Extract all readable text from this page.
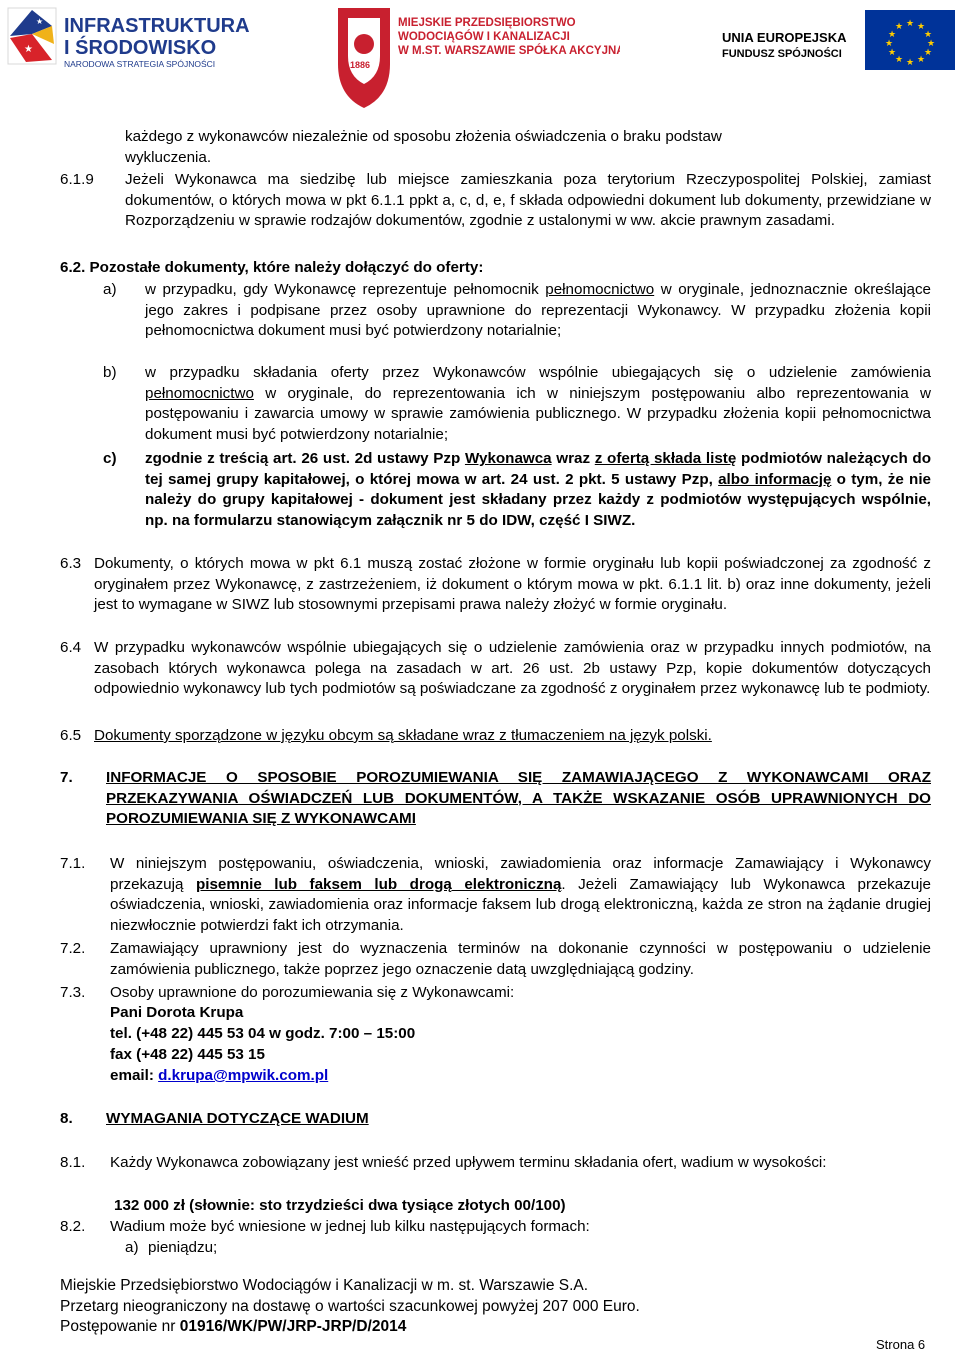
★
★ INFRASTRUKTURA
I ŚRODOWISKO
NARODOWA STRATEGIA SPÓJNOŚCI	1886
MIEJSKIE PRZEDSIĘBIORSTWO
WODOCIĄGÓW I KANALIZACJI
W M.ST. WARSZAWIE SPÓŁKA AKCYJNA
UNIA EUROPEJSKA
FUNDUSZ SPÓJNOŚCI
★ ★
★
★
★
★
★
★
★
★
★
★
każdego z wykonawców niezależnie od sposobu złożenia oświadczenia o braku podstaw
wykluczenia.
6.1.9 Jeżeli Wykonawca ma siedzibę lub miejsce zamieszkania poza terytorium Rzeczypospolitej Polskiej, zamiast dokumentów, o których mowa w pkt 6.1.1 ppkt a, c, d, e, f składa odpowiedni dokument lub dokumenty, przewidziane w Rozporządzeniu w sprawie rodzajów dokumentów, zgodnie z ustalonymi w ww. akcie prawnym zasadami.
6.2. Pozostałe dokumenty, które należy dołączyć do oferty:
a) w przypadku, gdy Wykonawcę reprezentuje pełnomocnik pełnomocnictwo w oryginale, jednoznacznie określające jego zakres i podpisane przez osoby uprawnione do reprezentacji Wykonawcy. W przypadku złożenia kopii pełnomocnictwa dokument musi być potwierdzony notarialnie;
b) w przypadku składania oferty przez Wykonawców wspólnie ubiegających się o udzielenie zamówienia pełnomocnictwo w oryginale, do reprezentowania ich w niniejszym postępowaniu albo reprezentowania w postępowaniu i zawarcia umowy w sprawie zamówienia publicznego. W przypadku złożenia kopii pełnomocnictwa dokument musi być potwierdzony notarialnie;
c) zgodnie z treścią art. 26 ust. 2d ustawy Pzp Wykonawca wraz z ofertą składa listę podmiotów należących do tej samej grupy kapitałowej, o której mowa w art. 24 ust. 2 pkt. 5 ustawy Pzp, albo informację o tym, że nie należy do grupy kapitałowej - dokument jest składany przez każdy z podmiotów występujących wspólnie, np. na formularzu stanowiącym załącznik nr 5 do IDW, część I SIWZ.
6.3 Dokumenty, o których mowa w pkt 6.1 muszą zostać złożone w formie oryginału lub kopii poświadczonej za zgodność z oryginałem przez Wykonawcę, z zastrzeżeniem, iż dokument o którym mowa w pkt. 6.1.1 lit. b) oraz inne dokumenty, jeżeli jest to wymagane w SIWZ lub stosownymi przepisami prawa należy złożyć w formie oryginału.
6.4 W przypadku wykonawców wspólnie ubiegających się o udzielenie zamówienia oraz w przypadku innych podmiotów, na zasobach których wykonawca polega na zasadach w art. 26 ust. 2b ustawy Pzp, kopie dokumentów dotyczących odpowiednio wykonawcy lub tych podmiotów są poświadczane za zgodność z oryginałem przez wykonawcę lub te podmioty.
6.5 Dokumenty sporządzone w języku obcym są składane wraz z tłumaczeniem na język polski.
7. INFORMACJE O SPOSOBIE POROZUMIEWANIA SIĘ ZAMAWIAJĄCEGO Z WYKONAWCAMI ORAZ PRZEKAZYWANIA OŚWIADCZEŃ LUB DOKUMENTÓW, A TAKŻE WSKAZANIE OSÓB UPRAWNIONYCH DO POROZUMIEWANIA SIĘ Z WYKONAWCAMI
7.1. W niniejszym postępowaniu, oświadczenia, wnioski, zawiadomienia oraz informacje Zamawiający i Wykonawcy przekazują pisemnie lub faksem lub drogą elektroniczną. Jeżeli Zamawiający lub Wykonawca przekazuje oświadczenia, wnioski, zawiadomienia oraz informacje faksem lub drogą elektroniczną, każda ze stron na żądanie drugiej niezwłocznie potwierdzi fakt ich otrzymania.
7.2. Zamawiający uprawniony jest do wyznaczenia terminów na dokonanie czynności w postępowaniu o udzielenie zamówienia publicznego, także poprzez jego oznaczenie datą uwzględniającą godziny.
7.3. Osoby uprawnione do porozumiewania się z Wykonawcami:
Pani Dorota Krupa
tel. (+48 22) 445 53 04 w godz. 7:00 – 15:00
fax (+48 22) 445 53 15
email: d.krupa@mpwik.com.pl
8. WYMAGANIA DOTYCZĄCE WADIUM
8.1. Każdy Wykonawca zobowiązany jest wnieść przed upływem terminu składania ofert, wadium w wysokości:
132 000 zł (słownie: sto trzydzieści dwa tysiące złotych 00/100)
8.2. Wadium może być wniesione w jednej lub kilku następujących formach:
a) pieniądzu;
Miejskie Przedsiębiorstwo Wodociągów i Kanalizacji w m. st. Warszawie S.A.
Przetarg nieograniczony na dostawę o wartości szacunkowej powyżej 207 000 Euro.
Postępowanie nr 01916/WK/PW/JRP-JRP/D/2014
Strona 6
